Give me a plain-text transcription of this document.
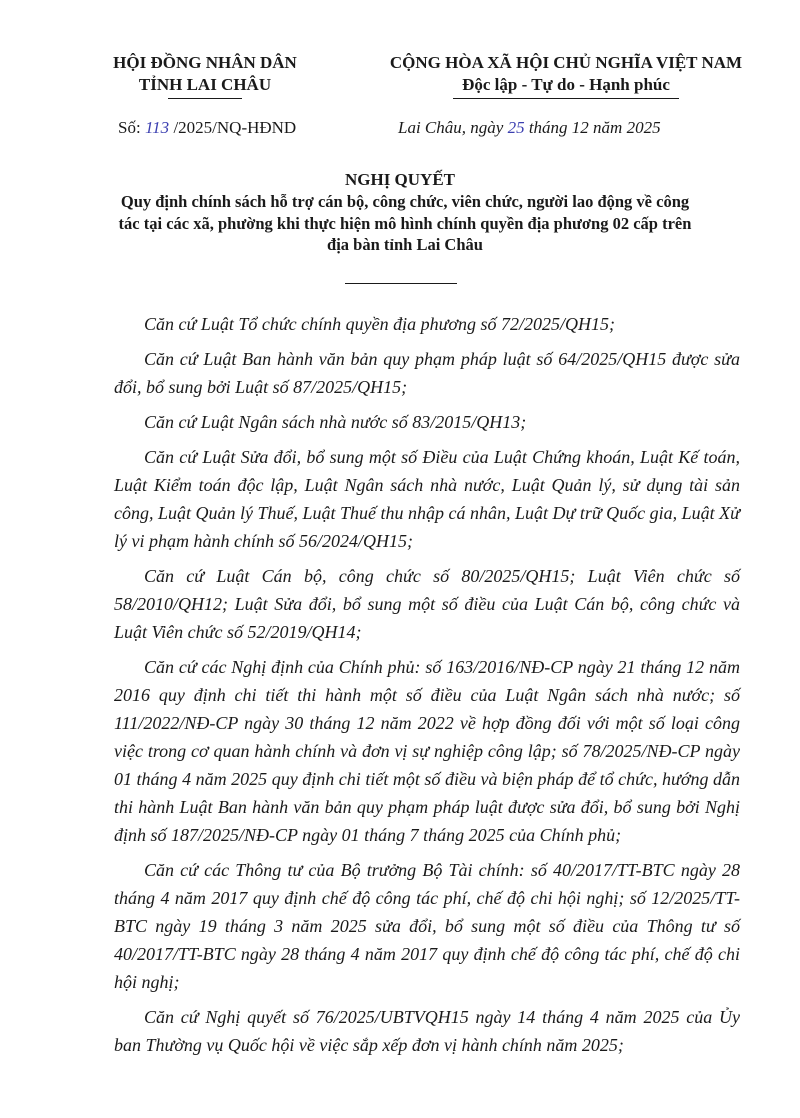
HỘI ĐỒNG NHÂN DÂN
TỈNH LAI CHÂU
CỘNG HÒA XÃ HỘI CHỦ NGHĨA VIỆT NAM
Độc lập - Tự do - Hạnh phúc
Số: 113 /2025/NQ-HĐND	Lai Châu, ngày 25 tháng 12 năm 2025
NGHỊ QUYẾT
Quy định chính sách hỗ trợ cán bộ, công chức, viên chức, người lao động về công tác tại các xã, phường khi thực hiện mô hình chính quyền địa phương 02 cấp trên địa bàn tỉnh Lai Châu

Căn cứ Luật Tổ chức chính quyền địa phương số 72/2025/QH15;

Căn cứ Luật Ban hành văn bản quy phạm pháp luật số 64/2025/QH15 được sửa đổi, bổ sung bởi Luật số 87/2025/QH15;

Căn cứ Luật Ngân sách nhà nước số 83/2015/QH13;

Căn cứ Luật Sửa đổi, bổ sung một số Điều của Luật Chứng khoán, Luật Kế toán, Luật Kiểm toán độc lập, Luật Ngân sách nhà nước, Luật Quản lý, sử dụng tài sản công, Luật Quản lý Thuế, Luật Thuế thu nhập cá nhân, Luật Dự trữ Quốc gia, Luật Xử lý vi phạm hành chính số 56/2024/QH15;

Căn cứ Luật Cán bộ, công chức số 80/2025/QH15; Luật Viên chức số 58/2010/QH12; Luật Sửa đổi, bổ sung một số điều của Luật Cán bộ, công chức và Luật Viên chức số 52/2019/QH14;

Căn cứ các Nghị định của Chính phủ: số 163/2016/NĐ-CP ngày 21 tháng 12 năm 2016 quy định chi tiết thi hành một số điều của Luật Ngân sách nhà nước; số 111/2022/NĐ-CP ngày 30 tháng 12 năm 2022 về hợp đồng đối với một số loại công việc trong cơ quan hành chính và đơn vị sự nghiệp công lập; số 78/2025/NĐ-CP ngày 01 tháng 4 năm 2025 quy định chi tiết một số điều và biện pháp để tổ chức, hướng dẫn thi hành Luật Ban hành văn bản quy phạm pháp luật được sửa đổi, bổ sung bởi Nghị định số 187/2025/NĐ-CP ngày 01 tháng 7 tháng 2025 của Chính phủ;

Căn cứ các Thông tư của Bộ trưởng Bộ Tài chính: số 40/2017/TT-BTC ngày 28 tháng 4 năm 2017 quy định chế độ công tác phí, chế độ chi hội nghị; số 12/2025/TT-BTC ngày 19 tháng 3 năm 2025 sửa đổi, bổ sung một số điều của Thông tư số 40/2017/TT-BTC ngày 28 tháng 4 năm 2017 quy định chế độ công tác phí, chế độ chi hội nghị;

Căn cứ Nghị quyết số 76/2025/UBTVQH15 ngày 14 tháng 4 năm 2025 của Ủy ban Thường vụ Quốc hội về việc sắp xếp đơn vị hành chính năm 2025;
